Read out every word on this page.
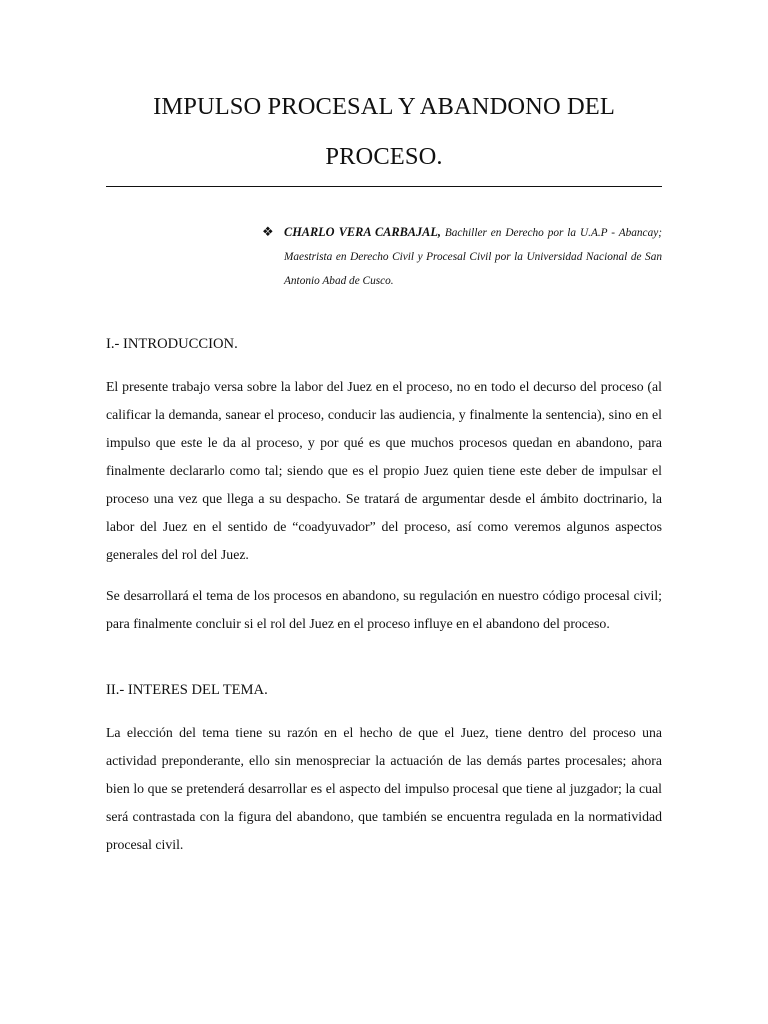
IMPULSO PROCESAL Y ABANDONO DEL
PROCESO.
❖ CHARLO VERA CARBAJAL, Bachiller en Derecho por la U.A.P - Abancay; Maestrista en Derecho Civil y Procesal Civil por la Universidad Nacional de San Antonio Abad de Cusco.
I.- INTRODUCCION.

El presente trabajo versa sobre la labor del Juez en el proceso, no en todo el decurso del proceso (al calificar la demanda, sanear el proceso, conducir las audiencia, y finalmente la sentencia), sino en el impulso que este le da al proceso, y por qué es que muchos procesos quedan en abandono, para finalmente declararlo como tal; siendo que es el propio Juez quien tiene este deber de impulsar el proceso una vez que llega a su despacho. Se tratará de argumentar desde el ámbito doctrinario, la labor del Juez en el sentido de “coadyuvador” del proceso, así como veremos algunos aspectos generales del rol del Juez.

Se desarrollará el tema de los procesos en abandono, su regulación en nuestro código procesal civil; para finalmente concluir si el rol del Juez en el proceso influye en el abandono del proceso.

II.- INTERES DEL TEMA.

La elección del tema tiene su razón en el hecho de que el Juez, tiene dentro del proceso una actividad preponderante, ello sin menospreciar la actuación de las demás partes procesales; ahora bien lo que se pretenderá desarrollar es el aspecto del impulso procesal que tiene al juzgador; la cual será contrastada con la figura del abandono, que también se encuentra regulada en la normatividad procesal civil.
